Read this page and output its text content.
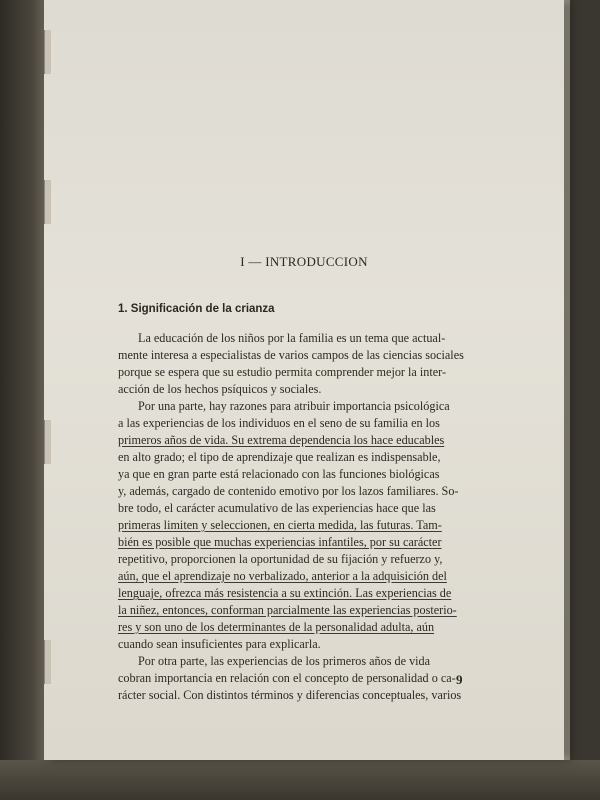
I — INTRODUCCION
1. Significación de la crianza
La educación de los niños por la familia es un tema que actual-
mente interesa a especialistas de varios campos de las ciencias sociales
porque se espera que su estudio permita comprender mejor la inter-
acción de los hechos psíquicos y sociales.
Por una parte, hay razones para atribuir importancia psicológica
a las experiencias de los individuos en el seno de su familia en los
primeros años de vida. Su extrema dependencia los hace educables
en alto grado; el tipo de aprendizaje que realizan es indispensable,
ya que en gran parte está relacionado con las funciones biológicas
y, además, cargado de contenido emotivo por los lazos familiares. So-
bre todo, el carácter acumulativo de las experiencias hace que las
primeras limiten y seleccionen, en cierta medida, las futuras. Tam-
bién es posible que muchas experiencias infantiles, por su carácter
repetitivo, proporcionen la oportunidad de su fijación y refuerzo y,
aún, que el aprendizaje no verbalizado, anterior a la adquisición del
lenguaje, ofrezca más resistencia a su extinción. Las experiencias de
la niñez, entonces, conforman parcialmente las experiencias posterio-
res y son uno de los determinantes de la personalidad adulta, aún
cuando sean insuficientes para explicarla.
Por otra parte, las experiencias de los primeros años de vida
cobran importancia en relación con el concepto de personalidad o ca-
rácter social. Con distintos términos y diferencias conceptuales, varios
9
